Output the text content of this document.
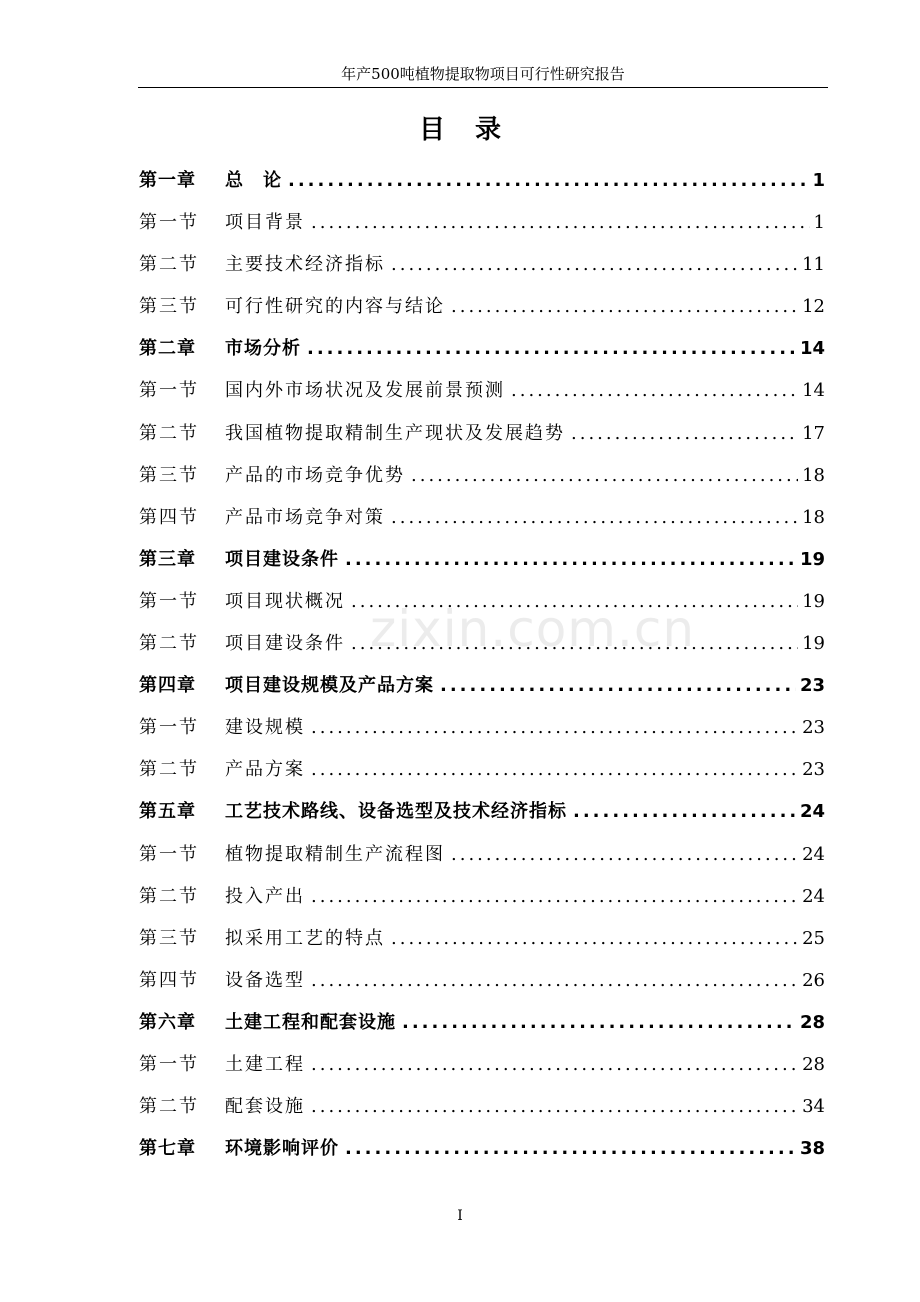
年产500吨植物提取物项目可行性研究报告
目 录
zixin.com.cn
第一章	总　论 .....	1
第一节	项目背景 .....	1
第二节	主要技术经济指标 .....	11
第三节	可行性研究的内容与结论 .....	12
第二章	市场分析 .....	14
第一节	国内外市场状况及发展前景预测 .....	14
第二节	我国植物提取精制生产现状及发展趋势 .....	17
第三节	产品的市场竞争优势 .....	18
第四节	产品市场竞争对策 .....	18
第三章	项目建设条件 .....	19
第一节	项目现状概况 .....	19
第二节	项目建设条件 .....	19
第四章	项目建设规模及产品方案 .....	23
第一节	建设规模 .....	23
第二节	产品方案 .....	23
第五章	工艺技术路线、设备选型及技术经济指标 .....	24
第一节	植物提取精制生产流程图 .....	24
第二节	投入产出 .....	24
第三节	拟采用工艺的特点 .....	25
第四节	设备选型 .....	26
第六章	土建工程和配套设施 .....	28
第一节	土建工程 .....	28
第二节	配套设施 .....	34
第七章	环境影响评价 .....	38
I
